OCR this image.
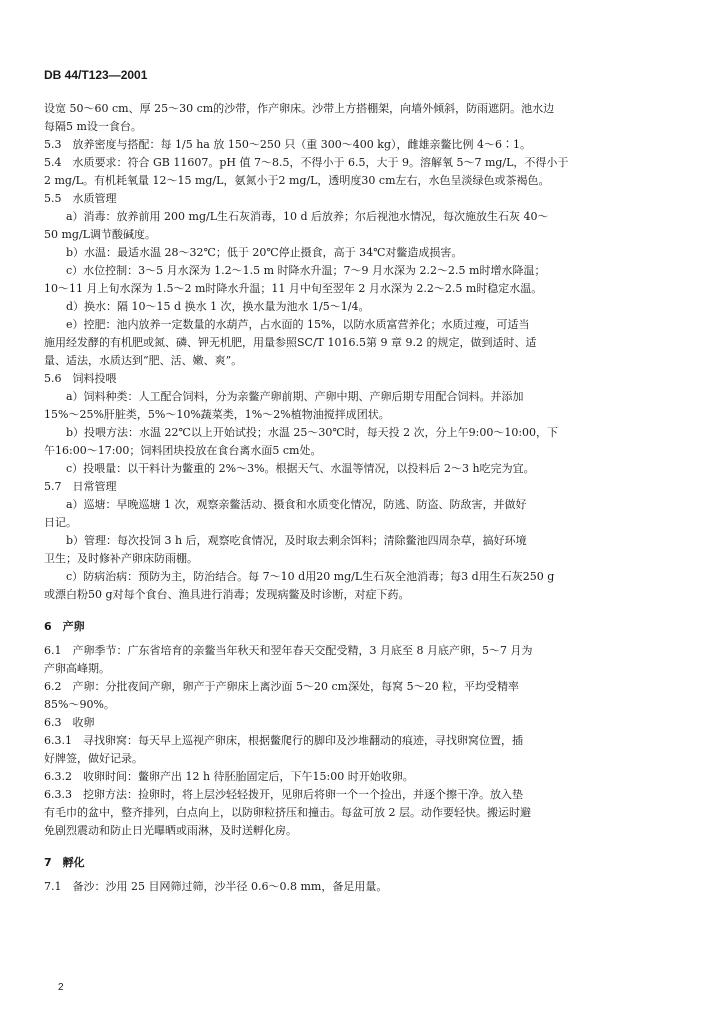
DB 44/T123—2001

设宽 50～60 cm、厚 25～30 cm的沙带，作产卵床。沙带上方搭棚架，向墙外倾斜，防雨遮阴。池水边

每隔5 m设一食台。

5.3　放养密度与搭配：每 1/5 ha 放 150～250 只（重 300～400 kg），雌雄亲鳖比例 4～6∶1。

5.4　水质要求：符合 GB 11607。pH 值 7～8.5，不得小于 6.5，大于 9。溶解氧 5～7 mg/L，不得小于

2 mg/L。有机耗氧量 12～15 mg/L，氨氮小于2 mg/L，透明度30 cm左右，水色呈淡绿色或茶褐色。

5.5　水质管理

　　a）消毒：放养前用 200 mg/L生石灰消毒，10 d 后放养；尔后视池水情况，每次施放生石灰 40～

50 mg/L调节酸碱度。

　　b）水温：最适水温 28～32℃；低于 20℃停止摄食，高于 34℃对鳖造成损害。

　　c）水位控制：3～5 月水深为 1.2～1.5 m 时降水升温；7～9 月水深为 2.2～2.5 m时增水降温；

10～11 月上旬水深为 1.5～2 m时降水升温；11 月中旬至翌年 2 月水深为 2.2～2.5 m时稳定水温。

　　d）换水：隔 10～15 d 换水 1 次，换水量为池水 1/5～1/4。

　　e）控肥：池内放养一定数量的水葫芦，占水面的 15%，以防水质富营养化；水质过瘦，可适当

施用经发酵的有机肥或氮、磷、钾无机肥，用量参照SC/T 1016.5第 9 章 9.2 的规定，做到适时、适

量、适法，水质达到“肥、活、嫩、爽”。

5.6　饲料投喂

　　a）饲料种类：人工配合饲料，分为亲鳖产卵前期、产卵中期、产卵后期专用配合饲料。并添加

15%～25%肝脏类，5%～10%蔬菜类，1%～2%植物油搅拌成团状。

　　b）投喂方法：水温 22℃以上开始试投；水温 25～30℃时，每天投 2 次，分上午9:00～10:00，下

午16:00～17:00；饲料团块投放在食台离水面5 cm处。

　　c）投喂量：以干料计为鳖重的 2%～3%。根据天气、水温等情况，以投料后 2～3 h吃完为宜。

5.7　日常管理

　　a）巡塘：早晚巡塘 1 次，观察亲鳖活动、摄食和水质变化情况，防逃、防盗、防敌害，并做好

日记。

　　b）管理：每次投饲 3 h 后，观察吃食情况，及时取去剩余饵料；清除鳖池四周杂草，搞好环境

卫生；及时修补产卵床防雨棚。

　　c）防病治病：预防为主，防治结合。每 7～10 d用20 mg/L生石灰全池消毒；每3 d用生石灰250 g

或漂白粉50 g对每个食台、渔具进行消毒；发现病鳖及时诊断，对症下药。

6　产卵

6.1　产卵季节：广东省培育的亲鳖当年秋天和翌年春天交配受精，3 月底至 8 月底产卵，5～7 月为

产卵高峰期。

6.2　产卵：分批夜间产卵，卵产于产卵床上离沙面 5～20 cm深处，每窝 5～20 粒，平均受精率

85%～90%。

6.3　收卵

6.3.1　寻找卵窝：每天早上巡视产卵床，根据鳖爬行的脚印及沙堆翻动的痕迹，寻找卵窝位置，插

好牌签，做好记录。

6.3.2　收卵时间：鳖卵产出 12 h 待胚胎固定后，下午15:00 时开始收卵。

6.3.3　挖卵方法：捡卵时，将上层沙轻轻拨开，见卵后将卵一个一个捡出，并逐个擦干净。放入垫

有毛巾的盆中，整齐排列，白点向上，以防卵粒挤压和撞击。每盆可放 2 层。动作要轻快。搬运时避

免剧烈震动和防止日光曝晒或雨淋，及时送孵化房。

7　孵化

7.1　备沙：沙用 25 目网筛过筛，沙半径 0.6～0.8 mm，备足用量。

2
